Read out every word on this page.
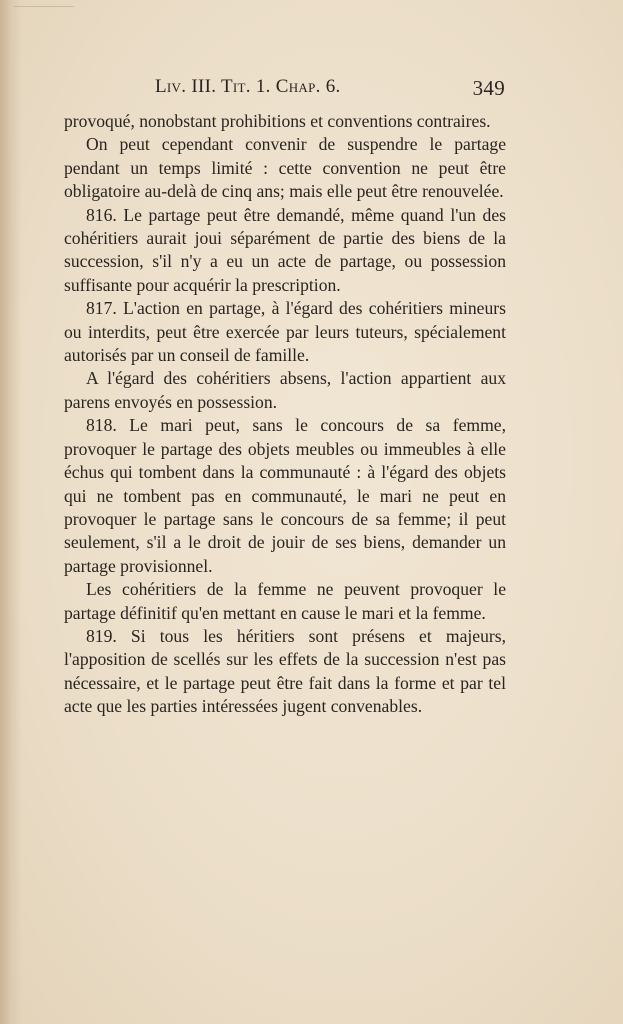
Liv. III. Tit. 1. Chap. 6.	349

provoqué, nonobstant prohibitions et conventions contraires.

On peut cependant convenir de suspendre le partage pendant un temps limité : cette convention ne peut être obligatoire au-delà de cinq ans; mais elle peut être renouvelée.

816. Le partage peut être demandé, même quand l'un des cohéritiers aurait joui séparément de partie des biens de la succession, s'il n'y a eu un acte de partage, ou possession suffisante pour acquérir la prescription.

817. L'action en partage, à l'égard des cohéritiers mineurs ou interdits, peut être exercée par leurs tuteurs, spécialement autorisés par un conseil de famille.

A l'égard des cohéritiers absens, l'action appartient aux parens envoyés en possession.

818. Le mari peut, sans le concours de sa femme, provoquer le partage des objets meubles ou immeubles à elle échus qui tombent dans la communauté : à l'égard des objets qui ne tombent pas en communauté, le mari ne peut en provoquer le partage sans le concours de sa femme; il peut seulement, s'il a le droit de jouir de ses biens, demander un partage provisionnel.

Les cohéritiers de la femme ne peuvent provoquer le partage définitif qu'en mettant en cause le mari et la femme.

819. Si tous les héritiers sont présens et majeurs, l'apposition de scellés sur les effets de la succession n'est pas nécessaire, et le partage peut être fait dans la forme et par tel acte que les parties intéressées jugent convenables.
